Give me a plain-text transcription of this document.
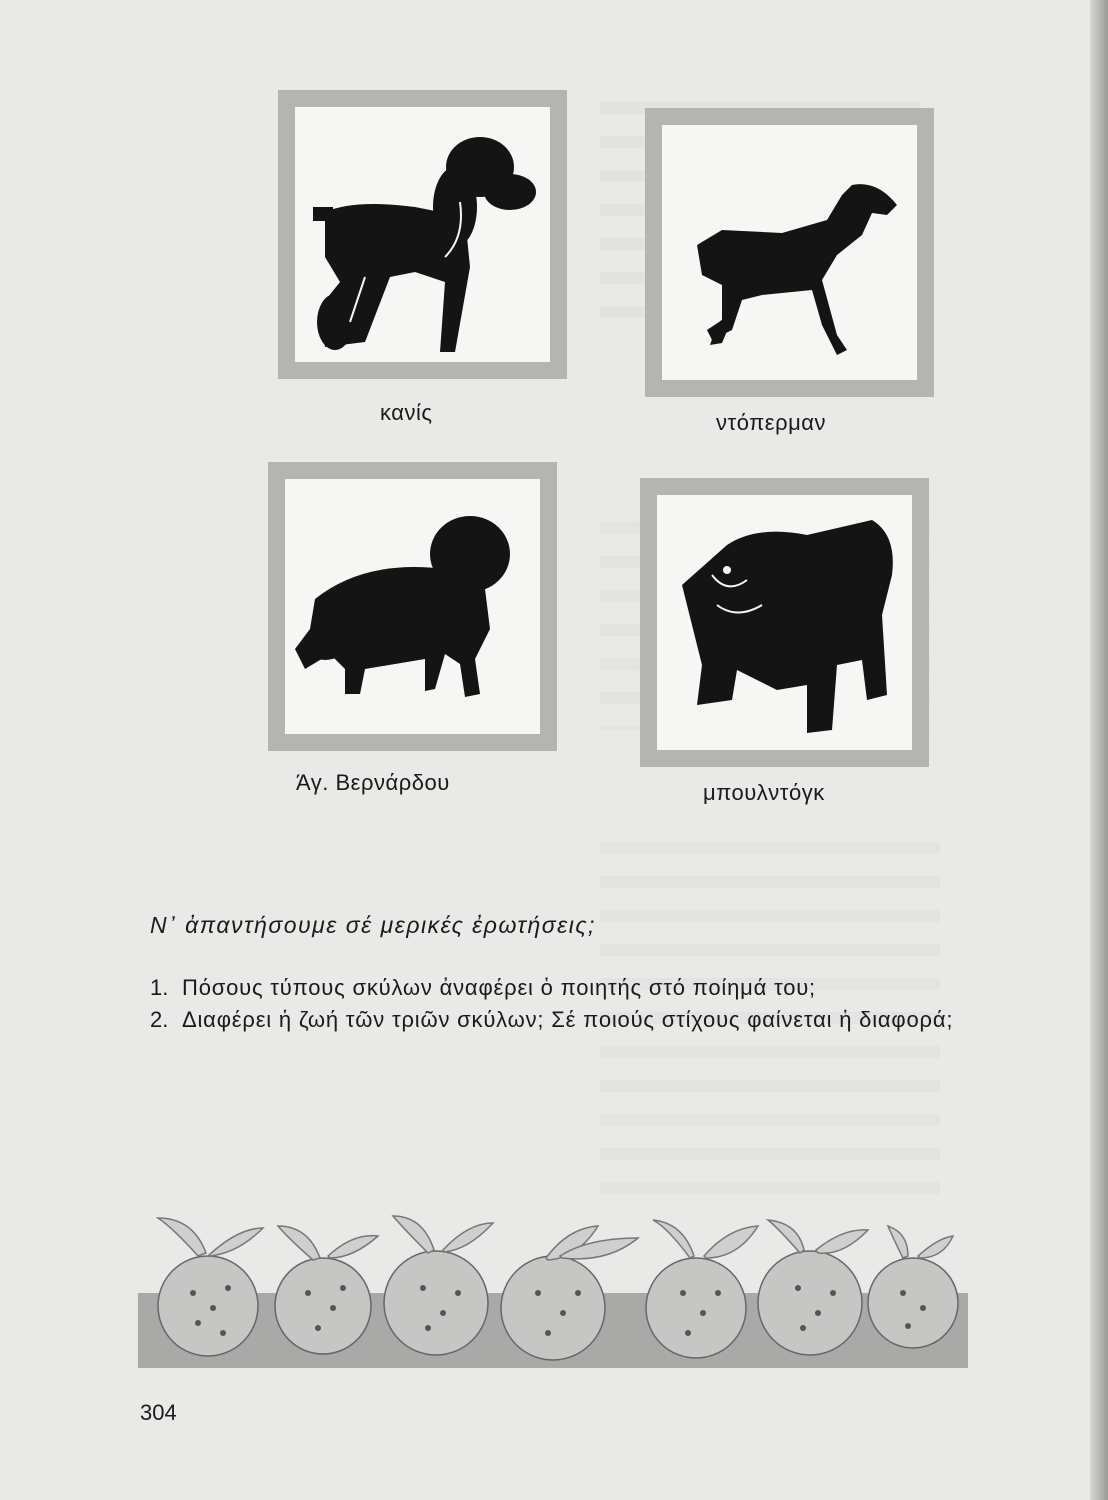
κανίς	ντόπερμαν
Άγ. Βερνάρδου	μπουλντόγκ
Ν᾽ ἀπαντήσουμε σέ μερικές ἐρωτήσεις;
1. Πόσους τύπους σκύλων ἀναφέρει ὁ ποιητής στό ποίημά του;
2. Διαφέρει ἡ ζωή τῶν τριῶν σκύλων; Σέ ποιούς στίχους φαίνεται ἡ διαφορά;
304
